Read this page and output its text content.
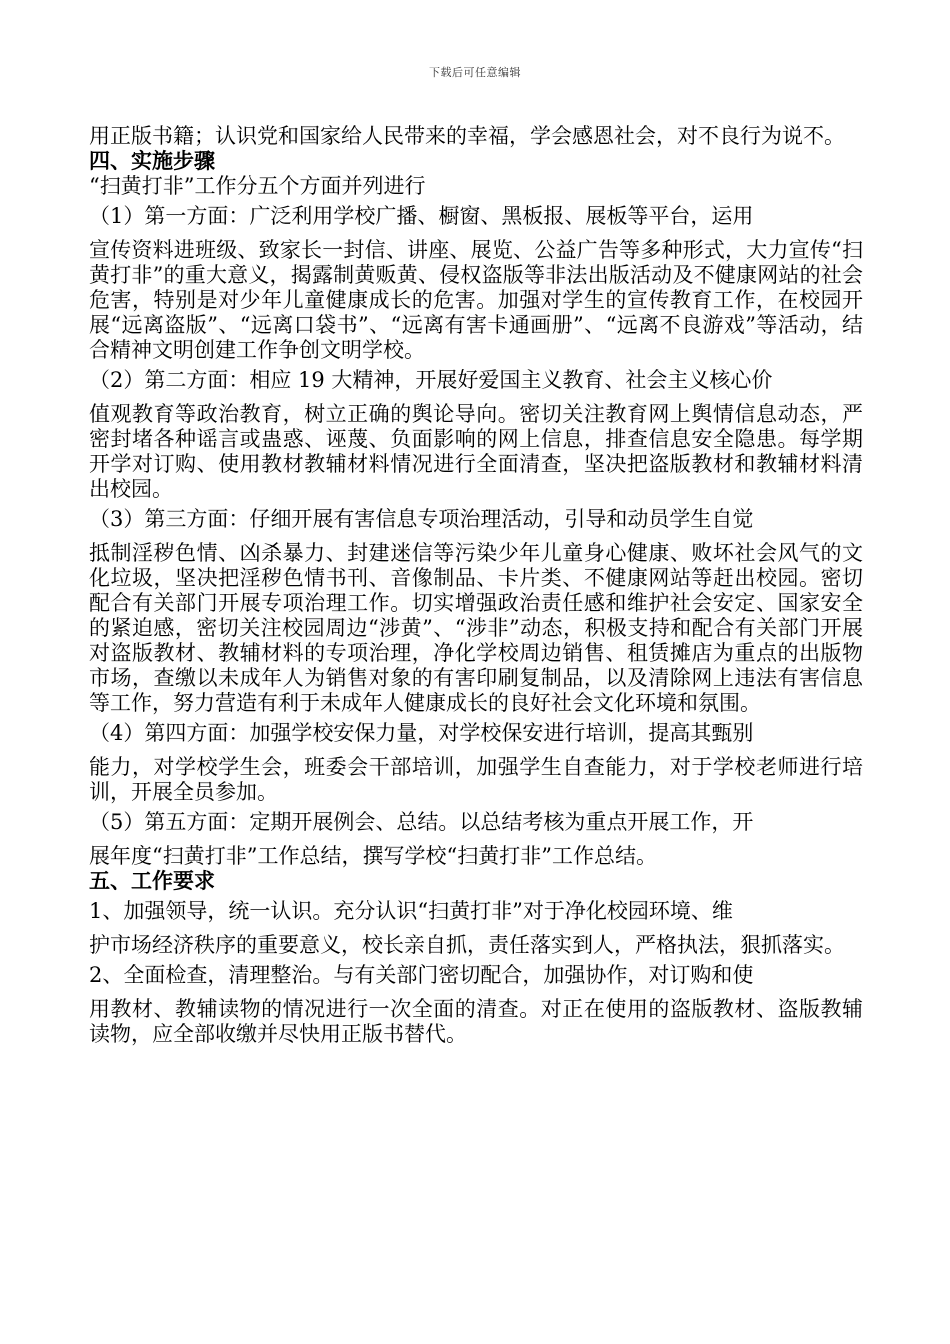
下载后可任意编辑

用正版书籍；认识党和国家给人民带来的幸福，学会感恩社会，对不良行为说不。

四、实施步骤

“扫黄打非”工作分五个方面并列进行

（1）第一方面：广泛利用学校广播、橱窗、黑板报、展板等平台，运用
宣传资料进班级、致家长一封信、讲座、展览、公益广告等多种形式，大力宣传“扫黄打非”的重大意义，揭露制黄贩黄、侵权盗版等非法出版活动及不健康网站的社会危害，特别是对少年儿童健康成长的危害。加强对学生的宣传教育工作，在校园开展“远离盗版”、“远离口袋书”、“远离有害卡通画册”、“远离不良游戏”等活动，结合精神文明创建工作争创文明学校。

（2）第二方面：相应 19 大精神，开展好爱国主义教育、社会主义核心价
值观教育等政治教育，树立正确的舆论导向。密切关注教育网上舆情信息动态，严密封堵各种谣言或蛊惑、诬蔑、负面影响的网上信息，排查信息安全隐患。每学期开学对订购、使用教材教辅材料情况进行全面清查，坚决把盗版教材和教辅材料清出校园。

（3）第三方面：仔细开展有害信息专项治理活动，引导和动员学生自觉
抵制淫秽色情、凶杀暴力、封建迷信等污染少年儿童身心健康、败坏社会风气的文化垃圾，坚决把淫秽色情书刊、音像制品、卡片类、不健康网站等赶出校园。密切配合有关部门开展专项治理工作。切实增强政治责任感和维护社会安定、国家安全的紧迫感，密切关注校园周边“涉黄”、“涉非”动态，积极支持和配合有关部门开展对盗版教材、教辅材料的专项治理，净化学校周边销售、租赁摊店为重点的出版物市场，查缴以未成年人为销售对象的有害印刷复制品，以及清除网上违法有害信息等工作，努力营造有利于未成年人健康成长的良好社会文化环境和氛围。

（4）第四方面：加强学校安保力量，对学校保安进行培训，提高其甄别
能力，对学校学生会，班委会干部培训，加强学生自查能力，对于学校老师进行培训，开展全员参加。

（5）第五方面：定期开展例会、总结。以总结考核为重点开展工作，开
展年度“扫黄打非”工作总结，撰写学校“扫黄打非”工作总结。

五、工作要求

1、加强领导，统一认识。充分认识“扫黄打非”对于净化校园环境、维
护市场经济秩序的重要意义，校长亲自抓，责任落实到人，严格执法，狠抓落实。

2、全面检查，清理整治。与有关部门密切配合，加强协作，对订购和使
用教材、教辅读物的情况进行一次全面的清查。对正在使用的盗版教材、盗版教辅读物，应全部收缴并尽快用正版书替代。
